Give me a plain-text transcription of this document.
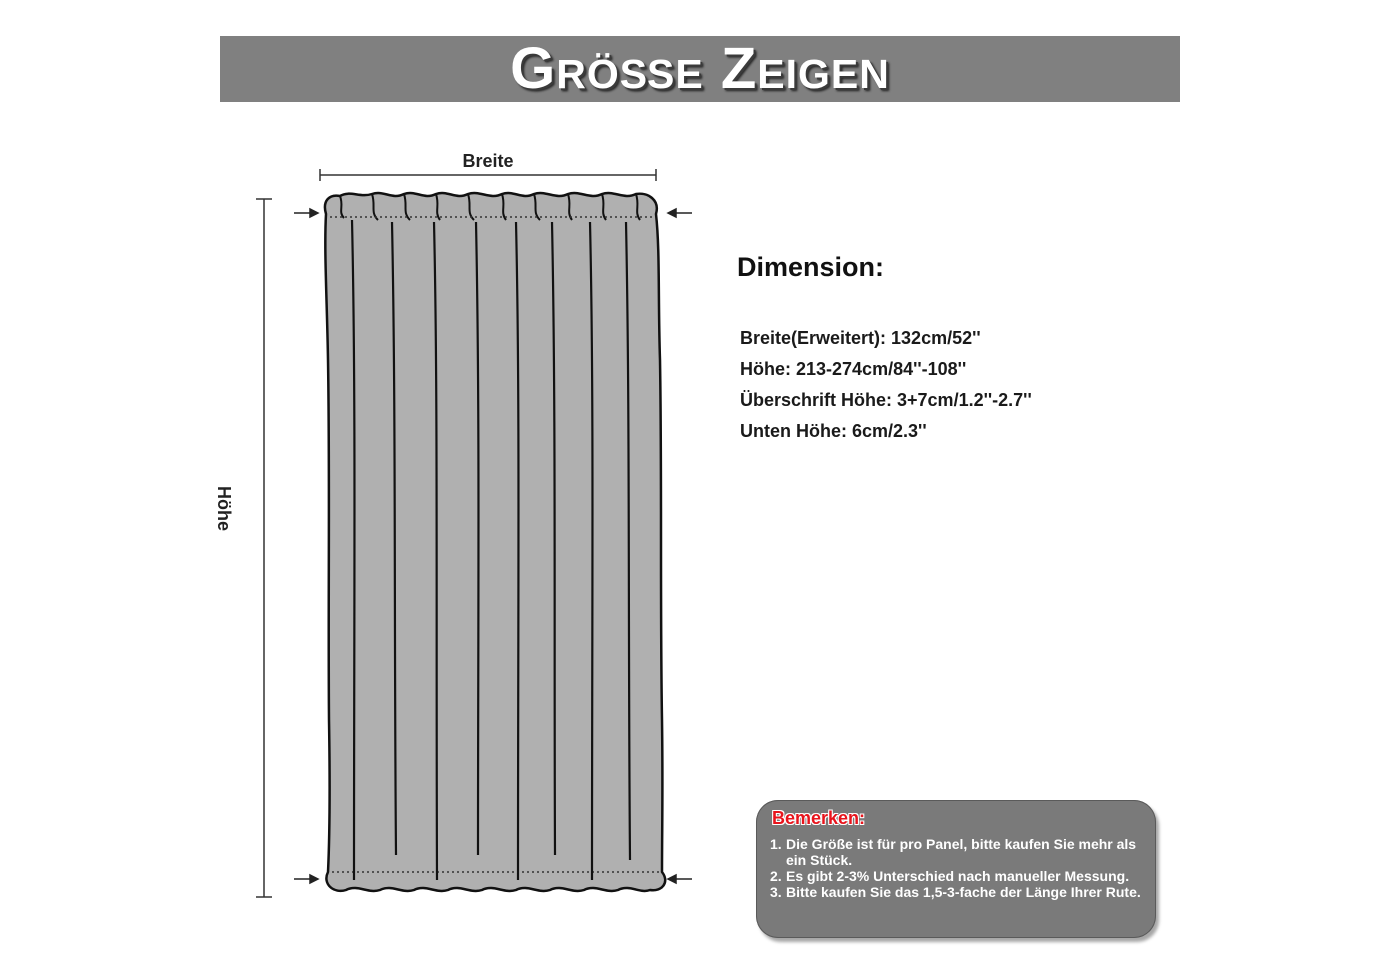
Größe Zeigen
Breite
Höhe
Dimension:
Breite(Erweitert): 132cm/52''
Höhe: 213-274cm/84''-108''
Überschrift Höhe: 3+7cm/1.2''-2.7''
Unten Höhe: 6cm/2.3''
Bemerken:
1. Die Größe ist für pro Panel, bitte kaufen Sie mehr als ein Stück.
2. Es gibt 2-3% Unterschied nach manueller Messung.
3. Bitte kaufen Sie das 1,5-3-fache der Länge Ihrer Rute.
